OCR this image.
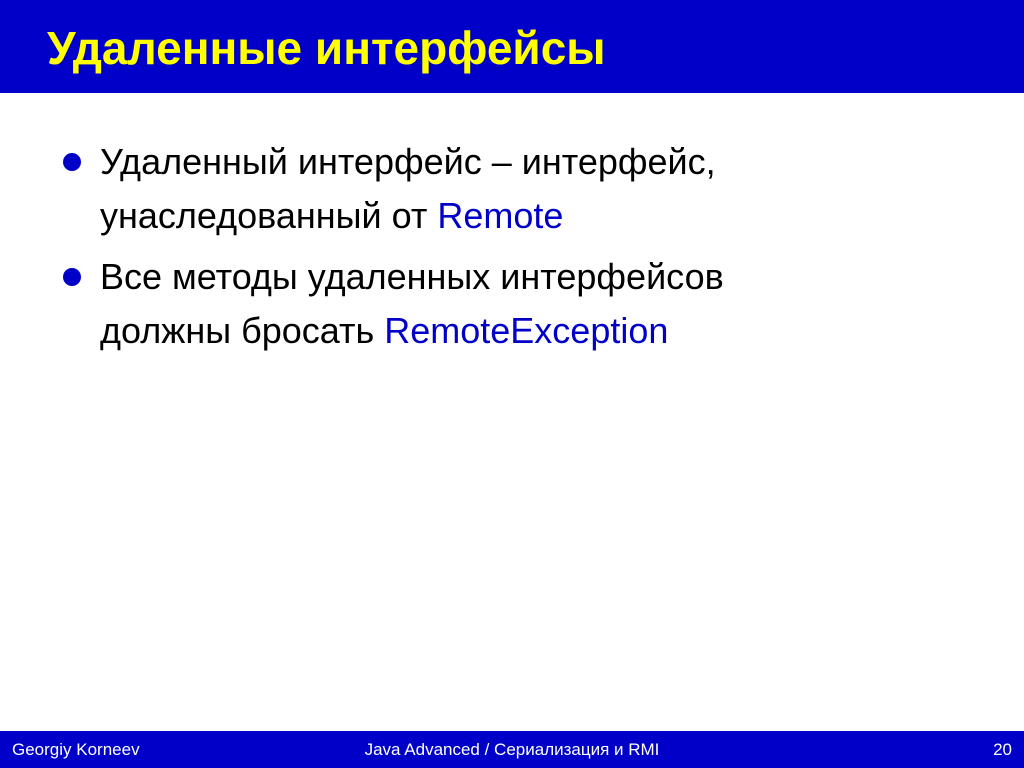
Удаленные интерфейсы
Удаленный интерфейс – интерфейс,
унаследованный от Remote
Все методы удаленных интерфейсов
должны бросать RemoteException
Georgiy Korneev	Java Advanced / Сериализация и RMI	20
